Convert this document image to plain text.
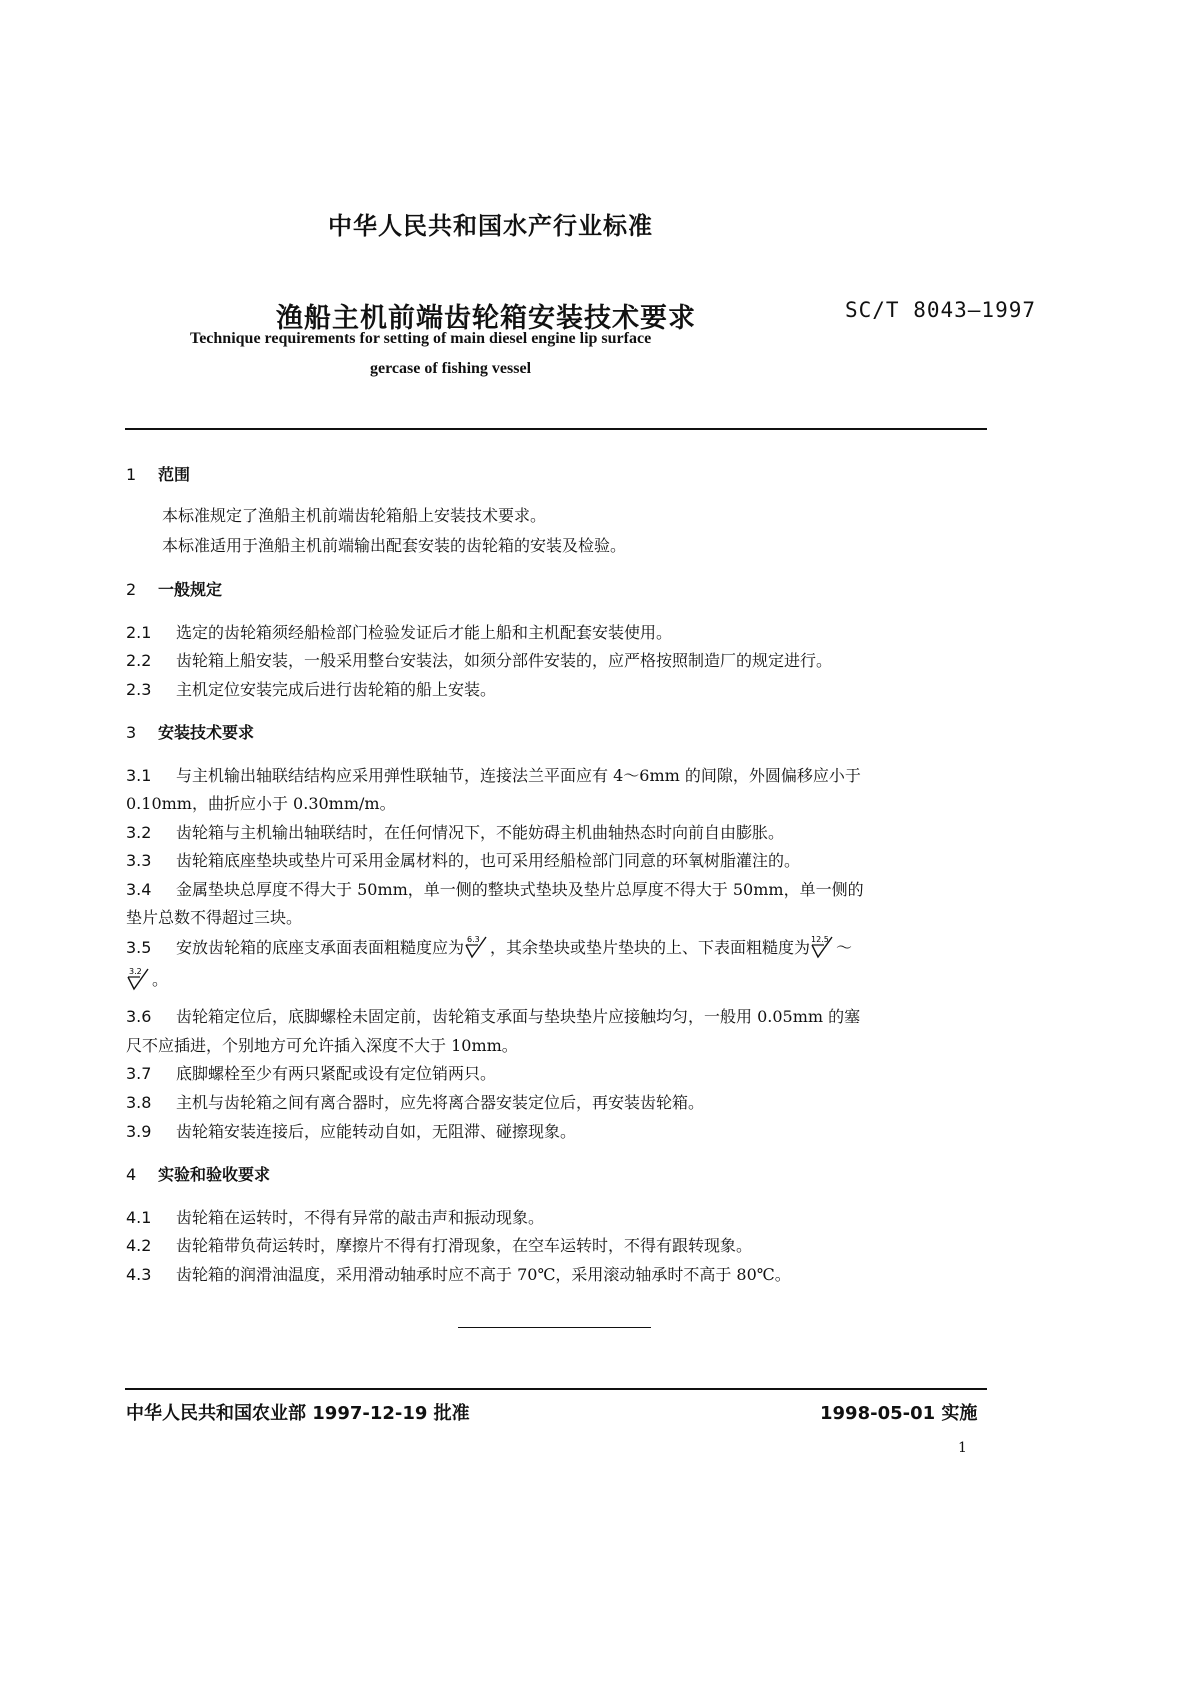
中华人民共和国水产行业标准
渔船主机前端齿轮箱安装技术要求	SC/T 8043—1997
Technique requirements for setting of main diesel engine lip surface
gercase of fishing vessel
1 范围
本标准规定了渔船主机前端齿轮箱船上安装技术要求。
本标准适用于渔船主机前端输出配套安装的齿轮箱的安装及检验。
2 一般规定
2.1 选定的齿轮箱须经船检部门检验发证后才能上船和主机配套安装使用。
2.2 齿轮箱上船安装，一般采用整台安装法，如须分部件安装的，应严格按照制造厂的规定进行。
2.3 主机定位安装完成后进行齿轮箱的船上安装。
3 安装技术要求
3.1 与主机输出轴联结结构应采用弹性联轴节，连接法兰平面应有 4～6mm 的间隙，外圆偏移应小于
0.10mm，曲折应小于 0.30mm/m。
3.2 齿轮箱与主机输出轴联结时，在任何情况下，不能妨碍主机曲轴热态时向前自由膨胀。
3.3 齿轮箱底座垫块或垫片可采用金属材料的，也可采用经船检部门同意的环氧树脂灌注的。
3.4 金属垫块总厚度不得大于 50mm，单一侧的整块式垫块及垫片总厚度不得大于 50mm，单一侧的
垫片总数不得超过三块。
3.5 安放齿轮箱的底座支承面表面粗糙度应为 6.3 ，其余垫块或垫片垫块的上、下表面粗糙度为 12.5 ～
3.2 。
3.6 齿轮箱定位后，底脚螺栓未固定前，齿轮箱支承面与垫块垫片应接触均匀，一般用 0.05mm 的塞
尺不应插进，个别地方可允许插入深度不大于 10mm。
3.7 底脚螺栓至少有两只紧配或设有定位销两只。
3.8 主机与齿轮箱之间有离合器时，应先将离合器安装定位后，再安装齿轮箱。
3.9 齿轮箱安装连接后，应能转动自如，无阻滞、碰擦现象。
4 实验和验收要求
4.1 齿轮箱在运转时，不得有异常的敲击声和振动现象。
4.2 齿轮箱带负荷运转时，摩擦片不得有打滑现象，在空车运转时，不得有跟转现象。
4.3 齿轮箱的润滑油温度，采用滑动轴承时应不高于 70℃，采用滚动轴承时不高于 80℃。
中华人民共和国农业部 1997-12-19 批准	1998-05-01 实施
1
